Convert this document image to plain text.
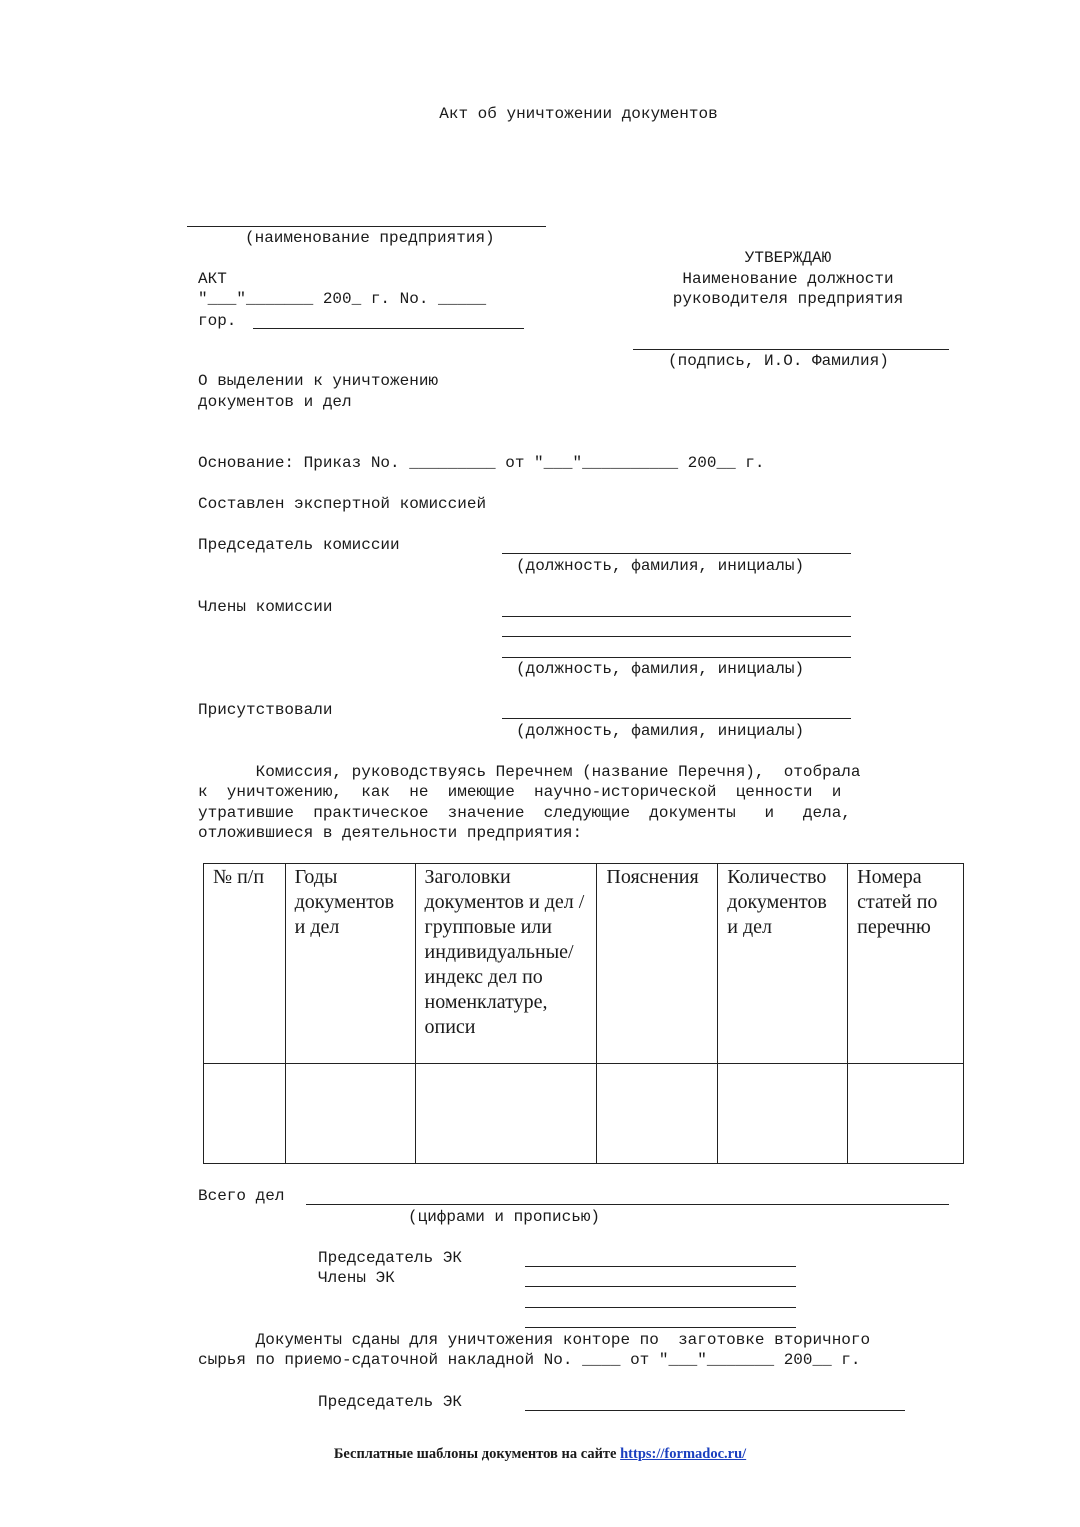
Акт об уничтожении документов
(наименование предприятия)
УТВЕРЖДАЮ
Наименование должности
руководителя предприятия
(подпись, И.О. Фамилия)
АКТ
"___"_______ 200_ г. No. _____
гор.
О выделении к уничтожению
документов и дел
Основание: Приказ No. _________ от "___"__________ 200__ г.
Составлен экспертной комиссией
Председатель комиссии
(должность, фамилия, инициалы)
Члены комиссии
(должность, фамилия, инициалы)
Присутствовали
(должность, фамилия, инициалы)
Комиссия, руководствуясь Перечнем (название Перечня),  отобрала
к  уничтожению,  как  не  имеющие  научно-исторической  ценности  и
утратившие  практическое  значение  следующие  документы   и   дела,
отложившиеся в деятельности предприятия:
№ п/п	Годы документов и дел	Заголовки документов и дел /групповые или индивидуальные/ индекс дел по номенклатуре, описи	Пояснения	Количество документов и дел	Номера статей по перечню

Всего дел
(цифрами и прописью)
Председатель ЭК
Члены ЭК
Документы сданы для уничтожения конторе по  заготовке вторичного
сырья по приемо-сдаточной накладной No. ____ от "___"_______ 200__ г.
Председатель ЭК
Бесплатные шаблоны документов на сайте https://formadoc.ru/
